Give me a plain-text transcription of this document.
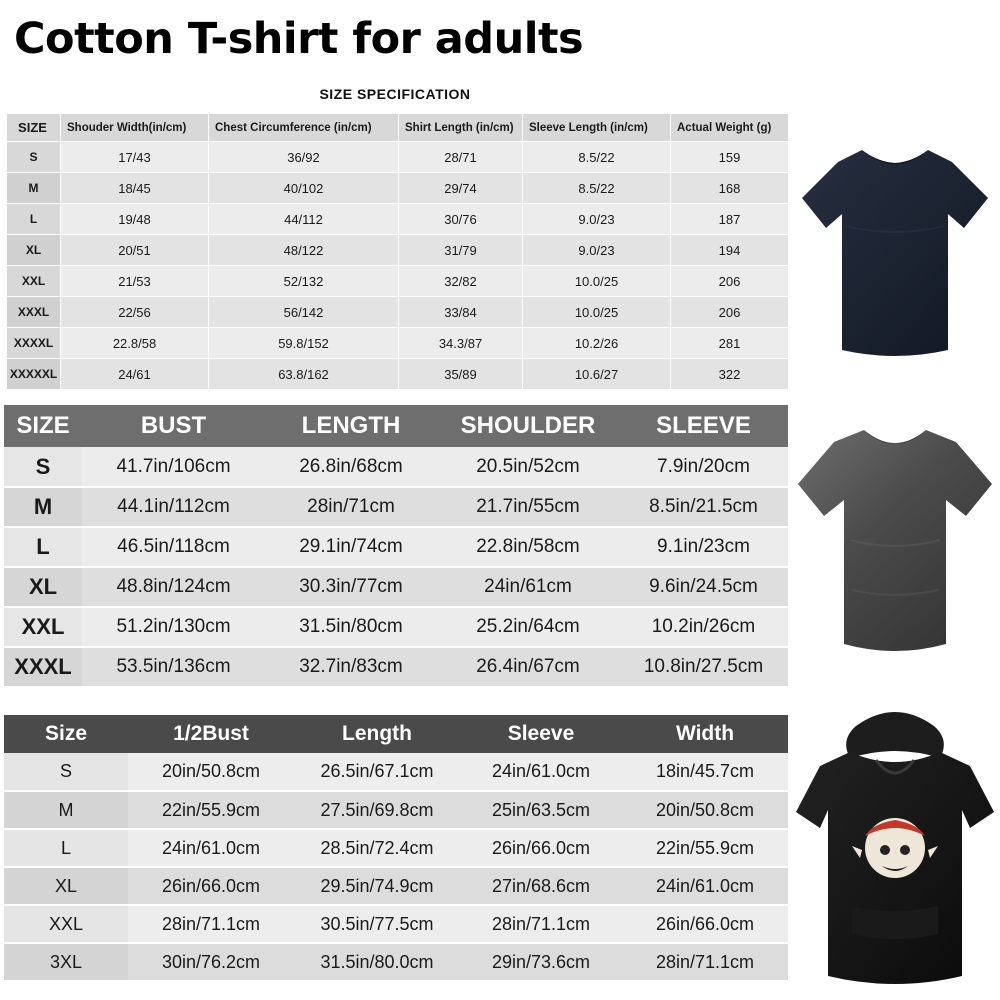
Cotton T-shirt for adults
SIZE SPECIFICATION
SIZE	Shouder Width(in/cm)	Chest Circumference (in/cm)	Shirt Length (in/cm)	Sleeve Length (in/cm)	Actual Weight (g)
S	17/43	36/92	28/71	8.5/22	159
M	18/45	40/102	29/74	8.5/22	168
L	19/48	44/112	30/76	9.0/23	187
XL	20/51	48/122	31/79	9.0/23	194
XXL	21/53	52/132	32/82	10.0/25	206
XXXL	22/56	56/142	33/84	10.0/25	206
XXXXL	22.8/58	59.8/152	34.3/87	10.2/26	281
XXXXXL	24/61	63.8/162	35/89	10.6/27	322
SIZE	BUST	LENGTH	SHOULDER	SLEEVE
S	41.7in/106cm	26.8in/68cm	20.5in/52cm	7.9in/20cm
M	44.1in/112cm	28in/71cm	21.7in/55cm	8.5in/21.5cm
L	46.5in/118cm	29.1in/74cm	22.8in/58cm	9.1in/23cm
XL	48.8in/124cm	30.3in/77cm	24in/61cm	9.6in/24.5cm
XXL	51.2in/130cm	31.5in/80cm	25.2in/64cm	10.2in/26cm
XXXL	53.5in/136cm	32.7in/83cm	26.4in/67cm	10.8in/27.5cm
Size	1/2Bust	Length	Sleeve	Width
S	20in/50.8cm	26.5in/67.1cm	24in/61.0cm	18in/45.7cm
M	22in/55.9cm	27.5in/69.8cm	25in/63.5cm	20in/50.8cm
L	24in/61.0cm	28.5in/72.4cm	26in/66.0cm	22in/55.9cm
XL	26in/66.0cm	29.5in/74.9cm	27in/68.6cm	24in/61.0cm
XXL	28in/71.1cm	30.5in/77.5cm	28in/71.1cm	26in/66.0cm
3XL	30in/76.2cm	31.5in/80.0cm	29in/73.6cm	28in/71.1cm
